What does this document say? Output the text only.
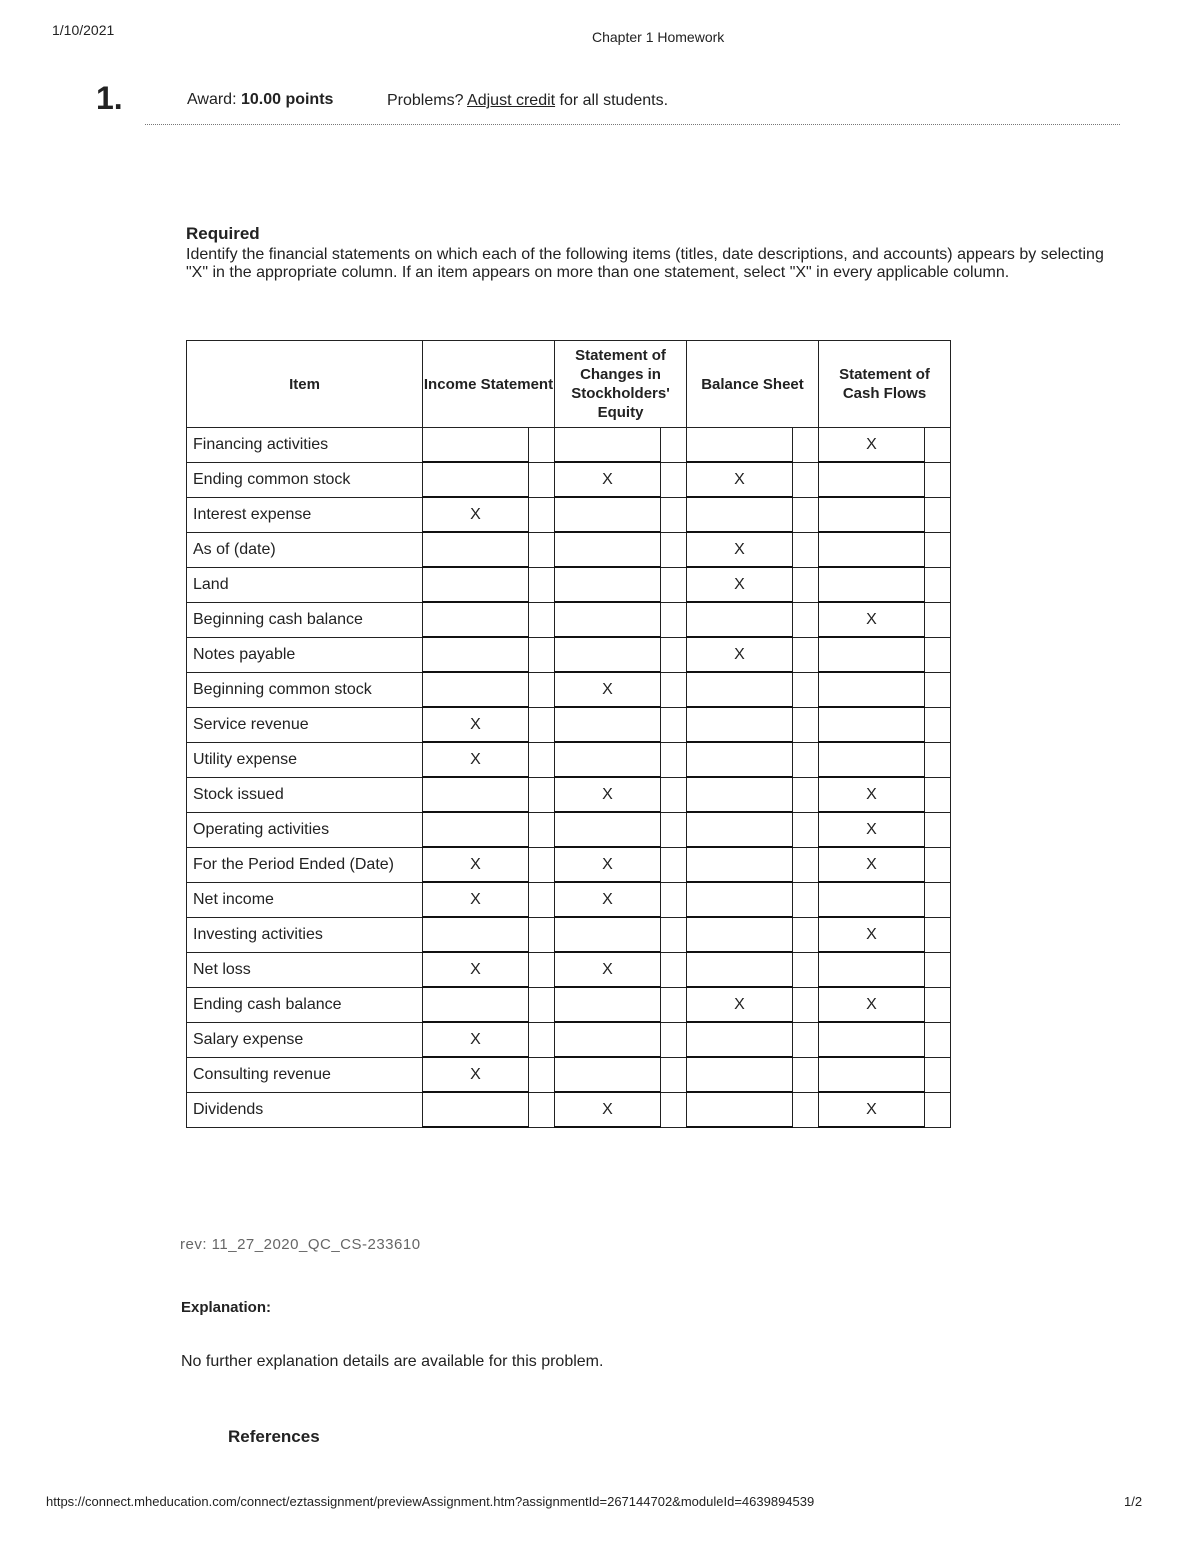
1/10/2021	Chapter 1 Homework
1.	Award: 10.00 points	Problems? Adjust credit for all students.
Required
Identify the financial statements on which each of the following items (titles, date descriptions, and accounts) appears by selecting "X" in the appropriate column. If an item appears on more than one statement, select "X" in every applicable column.
Item	Income Statement		Statement of Changes in Stockholders' Equity		Balance Sheet		Statement of Cash Flows	
Financing activities							X	
Ending common stock			X		X			
Interest expense	X							
As of (date)					X			
Land					X			
Beginning cash balance							X	
Notes payable					X			
Beginning common stock			X					
Service revenue	X							
Utility expense	X							
Stock issued			X				X	
Operating activities							X	
For the Period Ended (Date)	X		X				X	
Net income	X		X					
Investing activities							X	
Net loss	X		X					
Ending cash balance					X		X	
Salary expense	X							
Consulting revenue	X							
Dividends			X				X	
rev: 11_27_2020_QC_CS-233610
Explanation:
No further explanation details are available for this problem.
References
https://connect.mheducation.com/connect/eztassignment/previewAssignment.htm?assignmentId=267144702&moduleId=4639894539	1/2
